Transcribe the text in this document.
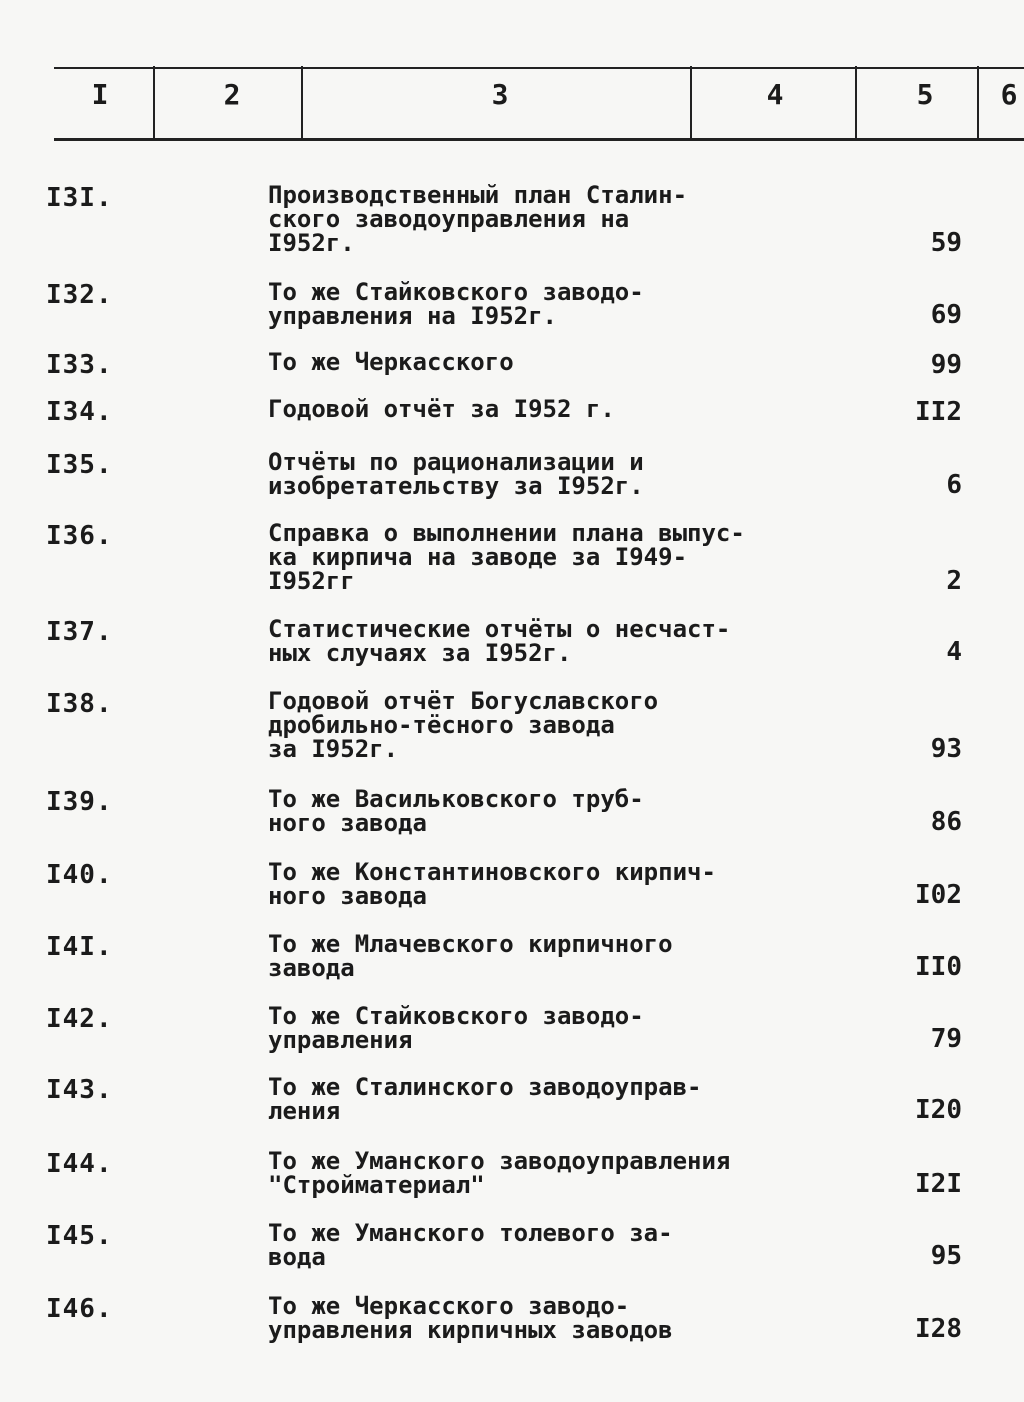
I	2	3	4	5	6
I3I.	Производственный план Сталин-
ского заводоуправления на
I952г.	59
I32.	То же Стайковского заводо-
управления на I952г.	69
I33.	То же Черкасского	99
I34.	Годовой отчёт за I952 г.	II2
I35.	Отчёты по рационализации и
изобретательству за I952г.	6
I36.	Справка о выполнении плана выпус-
ка кирпича на заводе за I949-
I952гг	2
I37.	Статистические отчёты о несчаст-
ных случаях за I952г.	4
I38.	Годовой отчёт Богуславского
дробильно-тёсного завода
за I952г.	93
I39.	То же Васильковского труб-
ного завода	86
I40.	То же Константиновского кирпич-
ного завода	I02
I4I.	То же Млачевского кирпичного
завода	II0
I42.	То же Стайковского заводо-
управления	79
I43.	То же Сталинского заводоуправ-
ления	I20
I44.	То же Уманского заводоуправления
"Стройматериал"	I2I
I45.	То же Уманского толевого за-
вода	95
I46.	То же Черкасского заводо-
управления кирпичных заводов	I28
